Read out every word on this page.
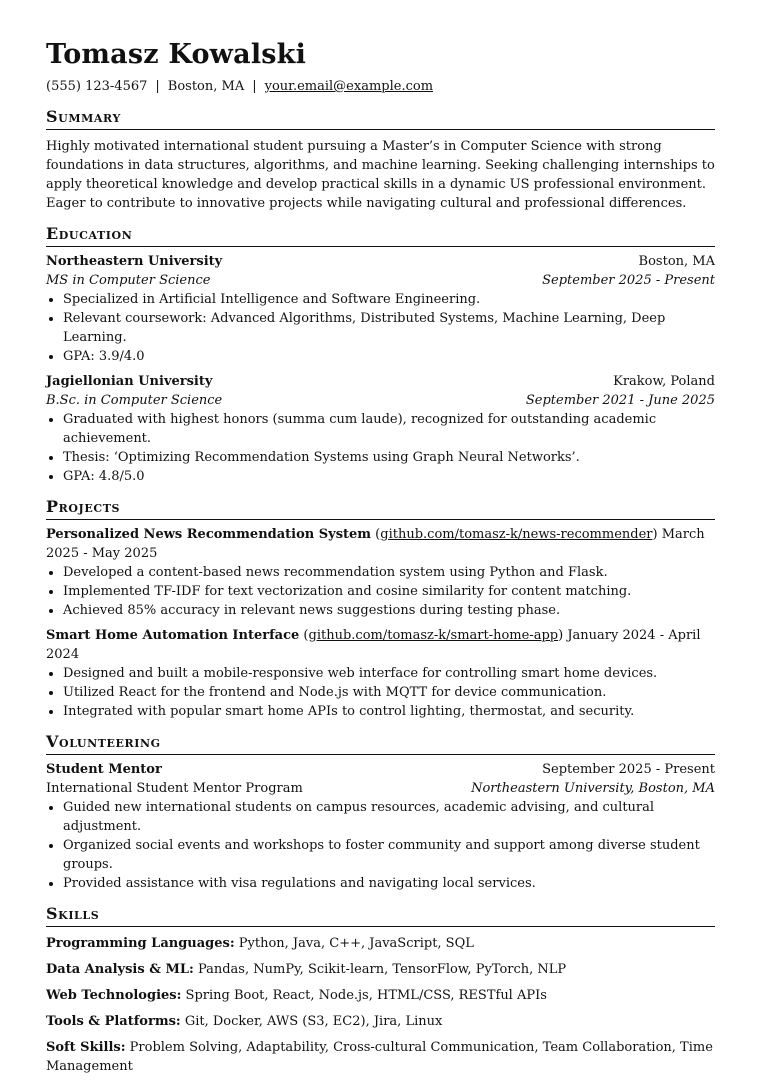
Tomasz Kowalski
(555) 123-4567 | Boston, MA | your.email@example.com
Summary
Highly motivated international student pursuing a Master’s in Computer Science with strong foundations in data structures, algorithms, and machine learning. Seeking challenging internships to apply theoretical knowledge and develop practical skills in a dynamic US professional environment. Eager to contribute to innovative projects while navigating cultural and professional differences.
Education
Northeastern University	Boston, MA
MS in Computer Science	September 2025 - Present
• Specialized in Artificial Intelligence and Software Engineering.
• Relevant coursework: Advanced Algorithms, Distributed Systems, Machine Learning, Deep Learning.
• GPA: 3.9/4.0
Jagiellonian University	Krakow, Poland
B.Sc. in Computer Science	September 2021 - June 2025
• Graduated with highest honors (summa cum laude), recognized for outstanding academic achievement.
• Thesis: ‘Optimizing Recommendation Systems using Graph Neural Networks’.
• GPA: 4.8/5.0
Projects
Personalized News Recommendation System (github.com/tomasz-k/news-recommender) March 2025 - May 2025
• Developed a content-based news recommendation system using Python and Flask.
• Implemented TF-IDF for text vectorization and cosine similarity for content matching.
• Achieved 85% accuracy in relevant news suggestions during testing phase.
Smart Home Automation Interface (github.com/tomasz-k/smart-home-app) January 2024 - April 2024
• Designed and built a mobile-responsive web interface for controlling smart home devices.
• Utilized React for the frontend and Node.js with MQTT for device communication.
• Integrated with popular smart home APIs to control lighting, thermostat, and security.
Volunteering
Student Mentor	September 2025 - Present
International Student Mentor Program	Northeastern University, Boston, MA
• Guided new international students on campus resources, academic advising, and cultural adjustment.
• Organized social events and workshops to foster community and support among diverse student groups.
• Provided assistance with visa regulations and navigating local services.
Skills
Programming Languages: Python, Java, C++, JavaScript, SQL
Data Analysis & ML: Pandas, NumPy, Scikit-learn, TensorFlow, PyTorch, NLP
Web Technologies: Spring Boot, React, Node.js, HTML/CSS, RESTful APIs
Tools & Platforms: Git, Docker, AWS (S3, EC2), Jira, Linux
Soft Skills: Problem Solving, Adaptability, Cross-cultural Communication, Team Collaboration, Time Management
